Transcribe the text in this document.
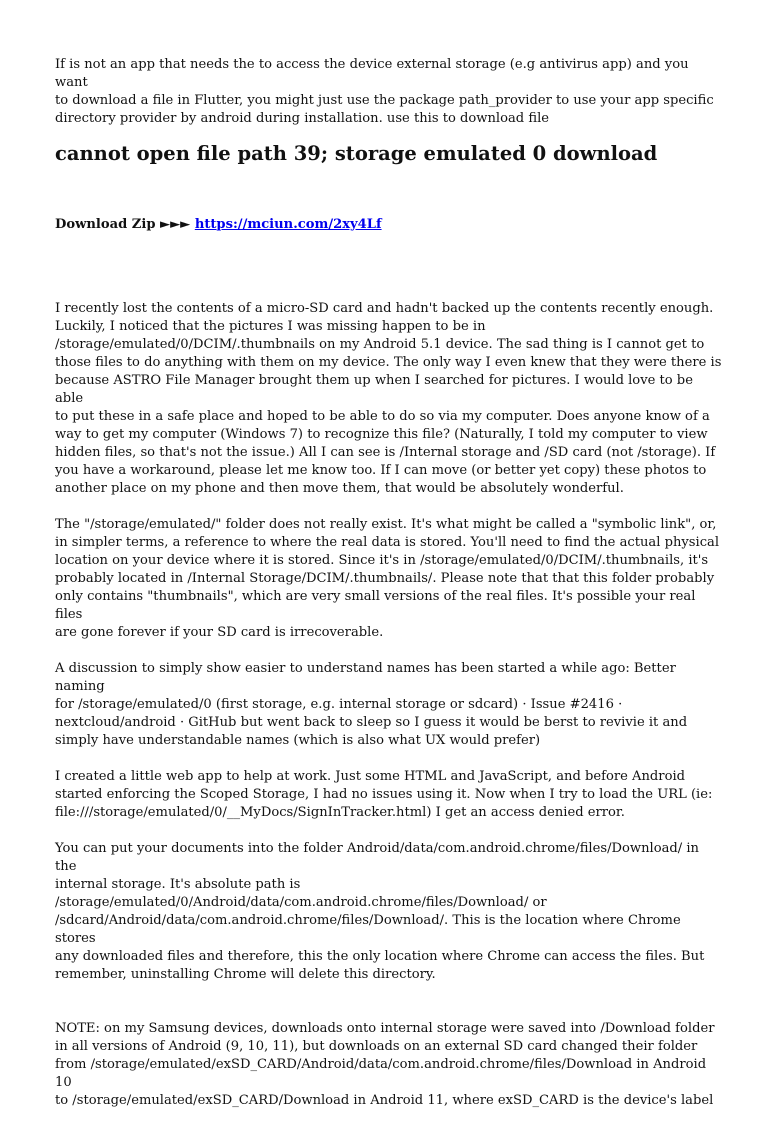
If is not an app that needs the to access the device external storage (e.g antivirus app) and you want
to download a file in Flutter, you might just use the package path_provider to use your app specific
directory provider by android during installation. use this to download file

cannot open file path 39; storage emulated 0 download
Download Zip ►►► https://mciun.com/2xy4Lf

I recently lost the contents of a micro-SD card and hadn't backed up the contents recently enough.
Luckily, I noticed that the pictures I was missing happen to be in
/storage/emulated/0/DCIM/.thumbnails on my Android 5.1 device. The sad thing is I cannot get to
those files to do anything with them on my device. The only way I even knew that they were there is
because ASTRO File Manager brought them up when I searched for pictures. I would love to be able
to put these in a safe place and hoped to be able to do so via my computer. Does anyone know of a
way to get my computer (Windows 7) to recognize this file? (Naturally, I told my computer to view
hidden files, so that's not the issue.) All I can see is /Internal storage and /SD card (not /storage). If
you have a workaround, please let me know too. If I can move (or better yet copy) these photos to
another place on my phone and then move them, that would be absolutely wonderful.

The "/storage/emulated/" folder does not really exist. It's what might be called a "symbolic link", or,
in simpler terms, a reference to where the real data is stored. You'll need to find the actual physical
location on your device where it is stored. Since it's in /storage/emulated/0/DCIM/.thumbnails, it's
probably located in /Internal Storage/DCIM/.thumbnails/. Please note that that this folder probably
only contains "thumbnails", which are very small versions of the real files. It's possible your real files
are gone forever if your SD card is irrecoverable.

A discussion to simply show easier to understand names has been started a while ago: Better naming
for /storage/emulated/0 (first storage, e.g. internal storage or sdcard) · Issue #2416 ·
nextcloud/android · GitHub but went back to sleep so I guess it would be berst to revivie it and
simply have understandable names (which is also what UX would prefer)

I created a little web app to help at work. Just some HTML and JavaScript, and before Android
started enforcing the Scoped Storage, I had no issues using it. Now when I try to load the URL (ie:
file:///storage/emulated/0/__MyDocs/SignInTracker.html) I get an access denied error.

You can put your documents into the folder Android/data/com.android.chrome/files/Download/ in the
internal storage. It's absolute path is
/storage/emulated/0/Android/data/com.android.chrome/files/Download/ or
/sdcard/Android/data/com.android.chrome/files/Download/. This is the location where Chrome stores
any downloaded files and therefore, this the only location where Chrome can access the files. But
remember, uninstalling Chrome will delete this directory.

NOTE: on my Samsung devices, downloads onto internal storage were saved into /Download folder
in all versions of Android (9, 10, 11), but downloads on an external SD card changed their folder
from /storage/emulated/exSD_CARD/Android/data/com.android.chrome/files/Download in Android 10
to /storage/emulated/exSD_CARD/Download in Android 11, where exSD_CARD is the device's label
